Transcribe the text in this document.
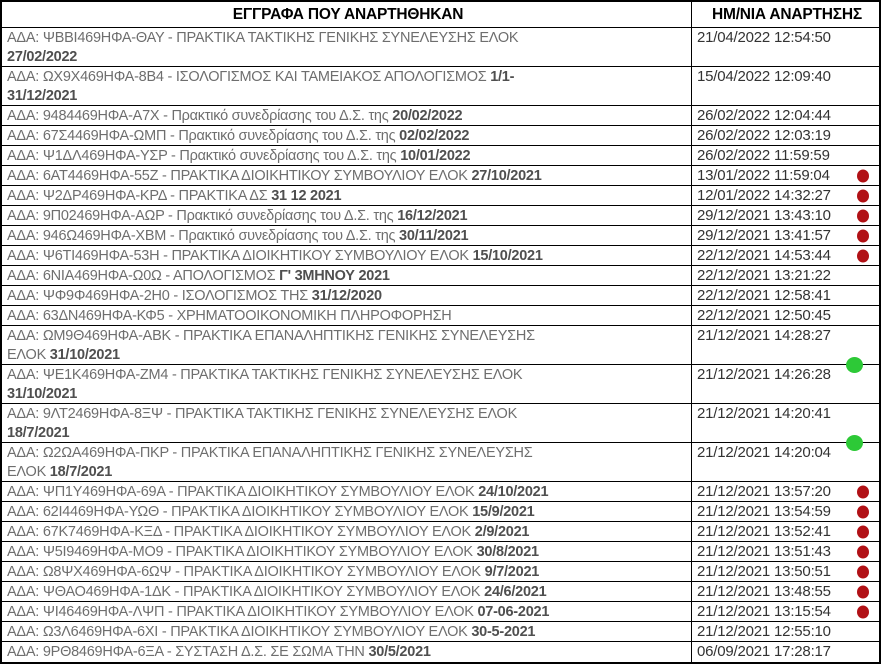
ΕΓΓΡΑΦΑ ΠΟΥ ΑΝΑΡΤΗΘΗΚΑΝ	ΗΜ/ΝΙΑ ΑΝΑΡΤΗΣΗΣ
ΑΔΑ: ΨΒΒΙ469ΗΦΑ-ΘΑΥ - ΠΡΑΚΤΙΚΑ ΤΑΚΤΙΚΗΣ ΓΕΝΙΚΗΣ ΣΥΝΕΛΕΥΣΗΣ ΕΛΟΚ
27/02/2022
21/04/2022 12:54:50
ΑΔΑ: ΩΧ9Χ469ΗΦΑ-8Β4 - ΙΣΟΛΟΓΙΣΜΟΣ ΚΑΙ ΤΑΜΕΙΑΚΟΣ ΑΠΟΛΟΓΙΣΜΟΣ 1/1-
31/12/2021
15/04/2022 12:09:40
ΑΔΑ: 9484469ΗΦΑ-Α7Χ - Πρακτικό συνεδρίασης του Δ.Σ. της 20/02/2022	26/02/2022 12:04:44
ΑΔΑ: 67Σ4469ΗΦΑ-ΩΜΠ - Πρακτικό συνεδρίασης του Δ.Σ. της 02/02/2022	26/02/2022 12:03:19
ΑΔΑ: Ψ1ΔΛ469ΗΦΑ-ΥΣΡ - Πρακτικό συνεδρίασης του Δ.Σ. της 10/01/2022	26/02/2022 11:59:59
ΑΔΑ: 6ΑΤ4469ΗΦΑ-55Ζ - ΠΡΑΚΤΙΚΑ ΔΙΟΙΚΗΤΙΚΟΥ ΣΥΜΒΟΥΛΙΟΥ ΕΛΟΚ 27/10/2021	13/01/2022 11:59:04
ΑΔΑ: Ψ2ΔΡ469ΗΦΑ-ΚΡΔ - ΠΡΑΚΤΙΚΑ ΔΣ 31 12 2021	12/01/2022 14:32:27
ΑΔΑ: 9Π02469ΗΦΑ-ΑΩΡ - Πρακτικό συνεδρίασης του Δ.Σ. της 16/12/2021	29/12/2021 13:43:10
ΑΔΑ: 946Ω469ΗΦΑ-ΧΒΜ - Πρακτικό συνεδρίασης του Δ.Σ. της 30/11/2021	29/12/2021 13:41:57
ΑΔΑ: Ψ6ΤΙ469ΗΦΑ-53Η - ΠΡΑΚΤΙΚΑ ΔΙΟΙΚΗΤΙΚΟΥ ΣΥΜΒΟΥΛΙΟΥ ΕΛΟΚ 15/10/2021	22/12/2021 14:53:44
ΑΔΑ: 6ΝΙΑ469ΗΦΑ-Ω0Ω - ΑΠΟΛΟΓΙΣΜΟΣ Γ' 3ΜΗΝΟΥ 2021	22/12/2021 13:21:22
ΑΔΑ: ΨΦ9Φ469ΗΦΑ-2Η0 - ΙΣΟΛΟΓΙΣΜΟΣ ΤΗΣ 31/12/2020	22/12/2021 12:58:41
ΑΔΑ: 63ΔΝ469ΗΦΑ-ΚΦ5 - ΧΡΗΜΑΤΟΟΙΚΟΝΟΜΙΚΗ ΠΛΗΡΟΦΟΡΗΣΗ	22/12/2021 12:50:45
ΑΔΑ: ΩΜ9Θ469ΗΦΑ-ΑΒΚ - ΠΡΑΚΤΙΚΑ ΕΠΑΝΑΛΗΠΤΙΚΗΣ ΓΕΝΙΚΗΣ ΣΥΝΕΛΕΥΣΗΣ
ΕΛΟΚ 31/10/2021
21/12/2021 14:28:27
ΑΔΑ: ΨΕ1Κ469ΗΦΑ-ΖΜ4 - ΠΡΑΚΤΙΚΑ ΤΑΚΤΙΚΗΣ ΓΕΝΙΚΗΣ ΣΥΝΕΛΕΥΣΗΣ ΕΛΟΚ
31/10/2021
21/12/2021 14:26:28
ΑΔΑ: 9ΛΤ2469ΗΦΑ-8ΞΨ - ΠΡΑΚΤΙΚΑ ΤΑΚΤΙΚΗΣ ΓΕΝΙΚΗΣ ΣΥΝΕΛΕΥΣΗΣ ΕΛΟΚ
18/7/2021
21/12/2021 14:20:41
ΑΔΑ: Ω2ΩΑ469ΗΦΑ-ΠΚΡ - ΠΡΑΚΤΙΚΑ ΕΠΑΝΑΛΗΠΤΙΚΗΣ ΓΕΝΙΚΗΣ ΣΥΝΕΛΕΥΣΗΣ
ΕΛΟΚ 18/7/2021
21/12/2021 14:20:04
ΑΔΑ: ΨΠ1Υ469ΗΦΑ-69Α - ΠΡΑΚΤΙΚΑ ΔΙΟΙΚΗΤΙΚΟΥ ΣΥΜΒΟΥΛΙΟΥ ΕΛΟΚ 24/10/2021	21/12/2021 13:57:20
ΑΔΑ: 62Ι4469ΗΦΑ-ΥΩΘ - ΠΡΑΚΤΙΚΑ ΔΙΟΙΚΗΤΙΚΟΥ ΣΥΜΒΟΥΛΙΟΥ ΕΛΟΚ 15/9/2021	21/12/2021 13:54:59
ΑΔΑ: 67Κ7469ΗΦΑ-ΚΞΔ - ΠΡΑΚΤΙΚΑ ΔΙΟΙΚΗΤΙΚΟΥ ΣΥΜΒΟΥΛΙΟΥ ΕΛΟΚ 2/9/2021	21/12/2021 13:52:41
ΑΔΑ: Ψ5Ι9469ΗΦΑ-ΜΟ9 - ΠΡΑΚΤΙΚΑ ΔΙΟΙΚΗΤΙΚΟΥ ΣΥΜΒΟΥΛΙΟΥ ΕΛΟΚ 30/8/2021	21/12/2021 13:51:43
ΑΔΑ: Ω8ΨΧ469ΗΦΑ-6ΩΨ - ΠΡΑΚΤΙΚΑ ΔΙΟΙΚΗΤΙΚΟΥ ΣΥΜΒΟΥΛΙΟΥ ΕΛΟΚ 9/7/2021	21/12/2021 13:50:51
ΑΔΑ: ΨΘΑΟ469ΗΦΑ-1ΔΚ - ΠΡΑΚΤΙΚΑ ΔΙΟΙΚΗΤΙΚΟΥ ΣΥΜΒΟΥΛΙΟΥ ΕΛΟΚ 24/6/2021	21/12/2021 13:48:55
ΑΔΑ: ΨΙ46469ΗΦΑ-ΛΨΠ - ΠΡΑΚΤΙΚΑ ΔΙΟΙΚΗΤΙΚΟΥ ΣΥΜΒΟΥΛΙΟΥ ΕΛΟΚ 07-06-2021	21/12/2021 13:15:54
ΑΔΑ: Ω3Λ6469ΗΦΑ-6ΧΙ - ΠΡΑΚΤΙΚΑ ΔΙΟΙΚΗΤΙΚΟΥ ΣΥΜΒΟΥΛΙΟΥ ΕΛΟΚ 30-5-2021	21/12/2021 12:55:10
ΑΔΑ: 9ΡΘ8469ΗΦΑ-6ΞΑ - ΣΥΣΤΑΣΗ Δ.Σ. ΣΕ ΣΩΜΑ ΤΗΝ 30/5/2021	06/09/2021 17:28:17
